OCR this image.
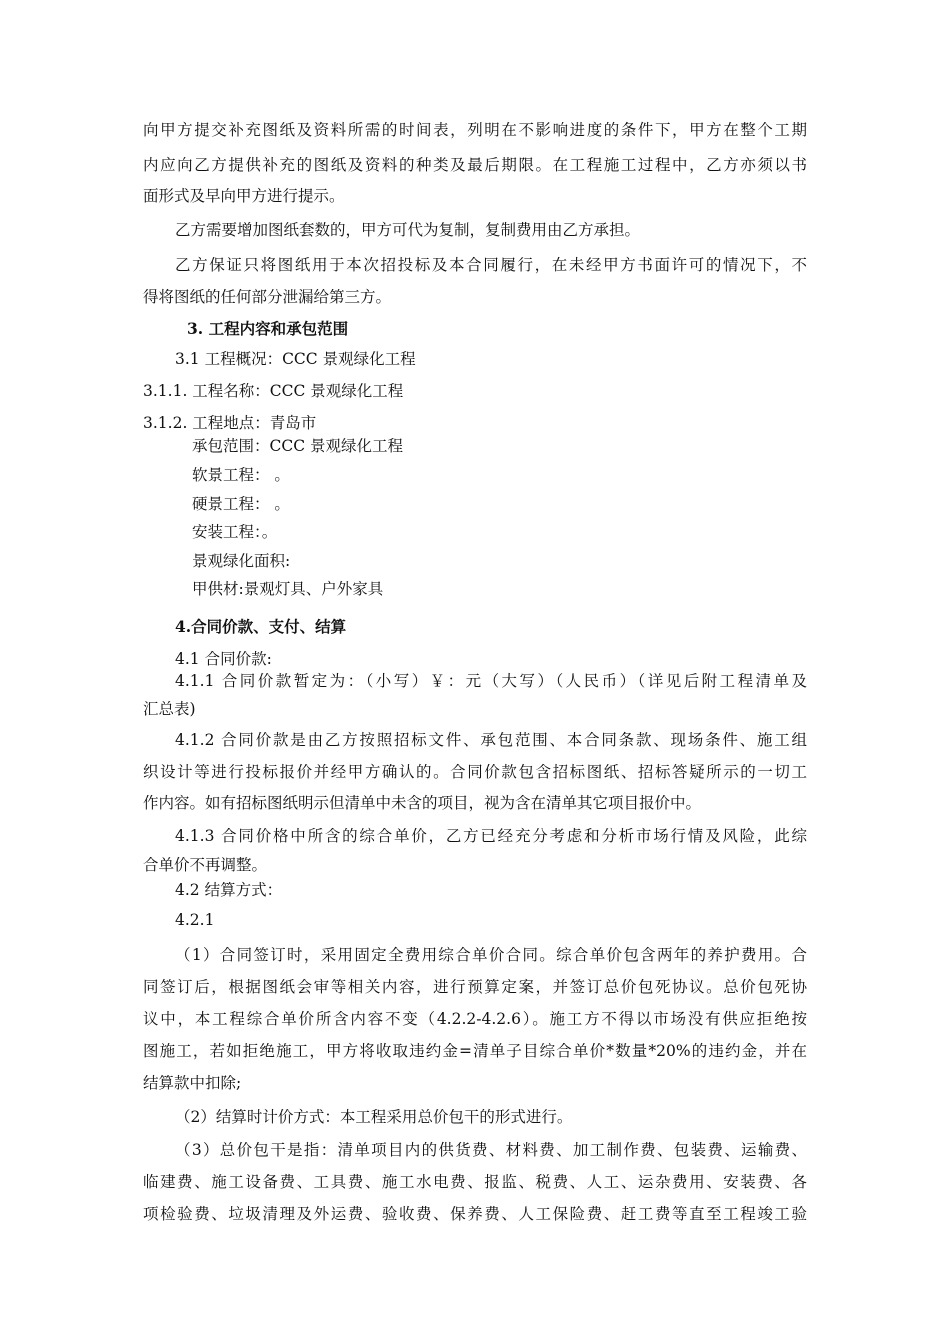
向甲方提交补充图纸及资料所需的时间表，列明在不影响进度的条件下，甲方在整个工期
内应向乙方提供补充的图纸及资料的种类及最后期限。在工程施工过程中，乙方亦须以书
面形式及早向甲方进行提示。
乙方需要增加图纸套数的，甲方可代为复制，复制费用由乙方承担。
乙方保证只将图纸用于本次招投标及本合同履行，在未经甲方书面许可的情况下，不
得将图纸的任何部分泄漏给第三方。
3. 工程内容和承包范围
3.1 工程概况：CCC 景观绿化工程
3.1.1. 工程名称：CCC 景观绿化工程
3.1.2. 工程地点：青岛市
承包范围：CCC 景观绿化工程
软景工程： 。
硬景工程： 。
安装工程：。
景观绿化面积:
甲供材:景观灯具、户外家具
4.合同价款、支付、结算
4.1 合同价款:
4.1.1 合同价款暂定为：（小写）￥：元（大写）（人民币）（详见后附工程清单及
汇总表)
4.1.2 合同价款是由乙方按照招标文件、承包范围、本合同条款、现场条件、施工组
织设计等进行投标报价并经甲方确认的。合同价款包含招标图纸、招标答疑所示的一切工
作内容。如有招标图纸明示但清单中未含的项目，视为含在清单其它项目报价中。
4.1.3 合同价格中所含的综合单价，乙方已经充分考虑和分析市场行情及风险，此综
合单价不再调整。
4.2 结算方式：
4.2.1
（1）合同签订时，采用固定全费用综合单价合同。综合单价包含两年的养护费用。合
同签订后，根据图纸会审等相关内容，进行预算定案，并签订总价包死协议。总价包死协
议中，本工程综合单价所含内容不变（4.2.2-4.2.6）。施工方不得以市场没有供应拒绝按
图施工，若如拒绝施工，甲方将收取违约金=清单子目综合单价*数量*20%的违约金，并在
结算款中扣除;
（2）结算时计价方式：本工程采用总价包干的形式进行。
（3）总价包干是指：清单项目内的供货费、材料费、加工制作费、包装费、运输费、
临建费、施工设备费、工具费、施工水电费、报监、税费、人工、运杂费用、安装费、各
项检验费、垃圾清理及外运费、验收费、保养费、人工保险费、赶工费等直至工程竣工验
